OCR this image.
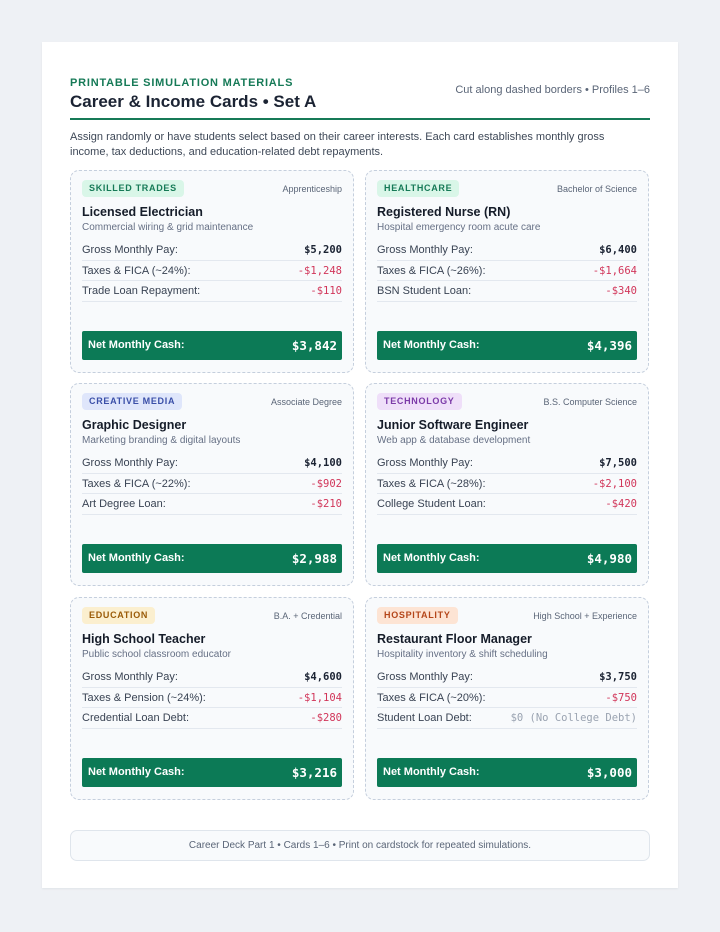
PRINTABLE SIMULATION MATERIALS
Career & Income Cards • Set A
Cut along dashed borders • Profiles 1–6
Assign randomly or have students select based on their career interests. Each card establishes monthly gross income, tax deductions, and education-related debt repayments.
SKILLED TRADES	Apprenticeship
Licensed Electrician
Commercial wiring & grid maintenance
Gross Monthly Pay:	$5,200
Taxes & FICA (~24%):	-$1,248
Trade Loan Repayment:	-$110
Net Monthly Cash:	$3,842
HEALTHCARE	Bachelor of Science
Registered Nurse (RN)
Hospital emergency room acute care
Gross Monthly Pay:	$6,400
Taxes & FICA (~26%):	-$1,664
BSN Student Loan:	-$340
Net Monthly Cash:	$4,396
CREATIVE MEDIA	Associate Degree
Graphic Designer
Marketing branding & digital layouts
Gross Monthly Pay:	$4,100
Taxes & FICA (~22%):	-$902
Art Degree Loan:	-$210
Net Monthly Cash:	$2,988
TECHNOLOGY	B.S. Computer Science
Junior Software Engineer
Web app & database development
Gross Monthly Pay:	$7,500
Taxes & FICA (~28%):	-$2,100
College Student Loan:	-$420
Net Monthly Cash:	$4,980
EDUCATION	B.A. + Credential
High School Teacher
Public school classroom educator
Gross Monthly Pay:	$4,600
Taxes & Pension (~24%):	-$1,104
Credential Loan Debt:	-$280
Net Monthly Cash:	$3,216
HOSPITALITY	High School + Experience
Restaurant Floor Manager
Hospitality inventory & shift scheduling
Gross Monthly Pay:	$3,750
Taxes & FICA (~20%):	-$750
Student Loan Debt:	$0 (No College Debt)
Net Monthly Cash:	$3,000
Career Deck Part 1 • Cards 1–6 • Print on cardstock for repeated simulations.
